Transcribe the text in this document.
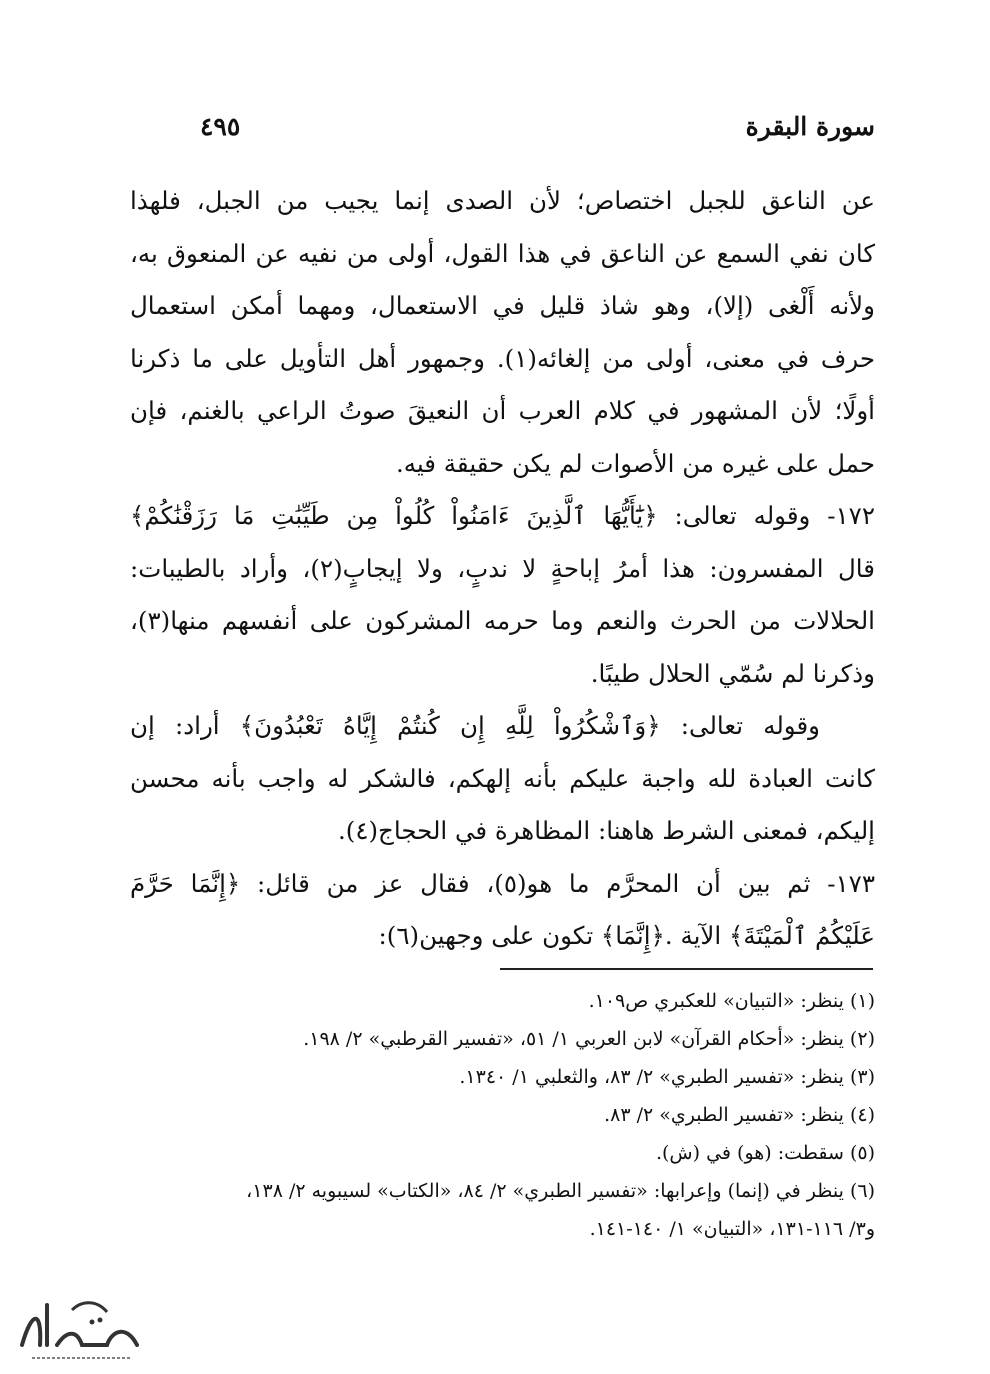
سورة البقرة
٤٩٥
عن الناعق للجبل اختصاص؛ لأن الصدى إنما يجيب من الجبل، فلهذا
كان نفي السمع عن الناعق في هذا القول، أولى من نفيه عن المنعوق به،
ولأنه أَلْغى (إلا)، وهو شاذ قليل في الاستعمال، ومهما أمكن استعمال
حرف في معنى، أولى من إلغائه(١). وجمهور أهل التأويل على ما ذكرنا
أولًا؛ لأن المشهور في كلام العرب أن النعيقَ صوتُ الراعي بالغنم، فإن
حمل على غيره من الأصوات لم يكن حقيقة فيه.
١٧٢- وقوله تعالى: ﴿يَٰٓأَيُّهَا ٱلَّذِينَ ءَامَنُواْ كُلُواْ مِن طَيِّبَٰتِ مَا رَزَقْنَٰكُمْ﴾
قال المفسرون: هذا أمرُ إباحةٍ لا ندبٍ، ولا إيجابٍ(٢)، وأراد بالطيبات:
الحلالات من الحرث والنعم وما حرمه المشركون على أنفسهم منها(٣)،
وذكرنا لم سُمّي الحلال طيبًا.
وقوله تعالى: ﴿وَٱشْكُرُواْ لِلَّهِ إِن كُنتُمْ إِيَّاهُ تَعْبُدُونَ﴾ أراد: إن
كانت العبادة لله واجبة عليكم بأنه إلهكم، فالشكر له واجب بأنه محسن
إليكم، فمعنى الشرط هاهنا: المظاهرة في الحجاج(٤).
١٧٣- ثم بين أن المحرَّم ما هو(٥)، فقال عز من قائل: ﴿إِنَّمَا حَرَّمَ
عَلَيْكُمُ ٱلْمَيْتَةَ﴾ الآية .﴿إِنَّمَا﴾ تكون على وجهين(٦):
(١) ينظر: «التبيان» للعكبري ص١٠٩.
(٢) ينظر: «أحكام القرآن» لابن العربي ١/ ٥١، «تفسير القرطبي» ٢/ ١٩٨.
(٣) ينظر: «تفسير الطبري» ٢/ ٨٣، والثعلبي ١/ ١٣٤٠.
(٤) ينظر: «تفسير الطبري» ٢/ ٨٣.
(٥) سقطت: (هو) في (ش).
(٦) ينظر في (إنما) وإعرابها: «تفسير الطبري» ٢/ ٨٤، «الكتاب» لسيبويه ٢/ ١٣٨،
و٣/ ١١٦-١٣١، «التبيان» ١/ ١٤٠-١٤١.
